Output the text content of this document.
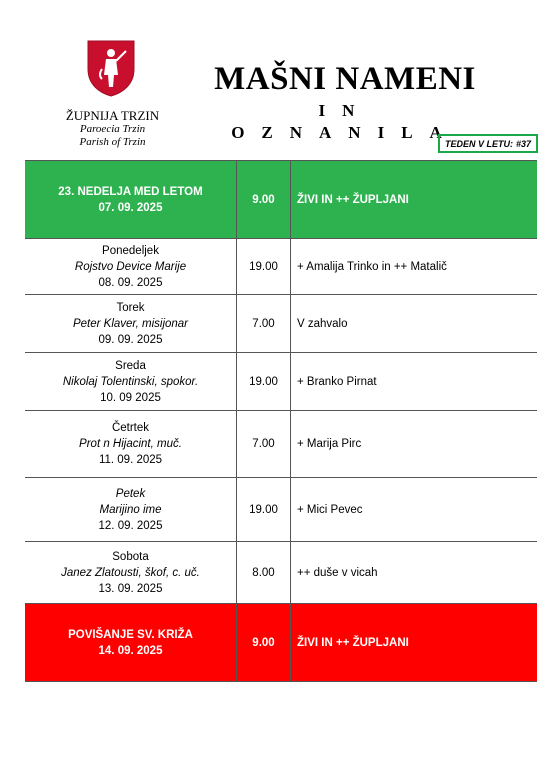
ŽUPNIJA TRZIN
Paroecia Trzin
Parish of Trzin
MAŠNI NAMENI
IN OZNANILA
TEDEN V LETU: #37
23. NEDELJA MED LETOM
07. 09. 2025	9.00	ŽIVI IN ++ ŽUPLJANI

Ponedeljek
Rojstvo Device Marije
08. 09. 2025	19.00	+ Amalija Trinko in ++ Matalič

Torek
Peter Klaver, misijonar
09. 09. 2025	7.00	V zahvalo

Sreda
Nikolaj Tolentinski, spokor.
10. 09 2025	19.00	+ Branko Pirnat

Četrtek
Prot n Hijacint, muč.
11. 09. 2025	7.00	+ Marija Pirc

Petek
Marijino ime
12. 09. 2025	19.00	+ Mici Pevec

Sobota
Janez Zlatousti, škof, c. uč.
13. 09. 2025	8.00	++ duše v vicah

POVIŠANJE SV. KRIŽA
14. 09. 2025	9.00	ŽIVI IN ++ ŽUPLJANI
